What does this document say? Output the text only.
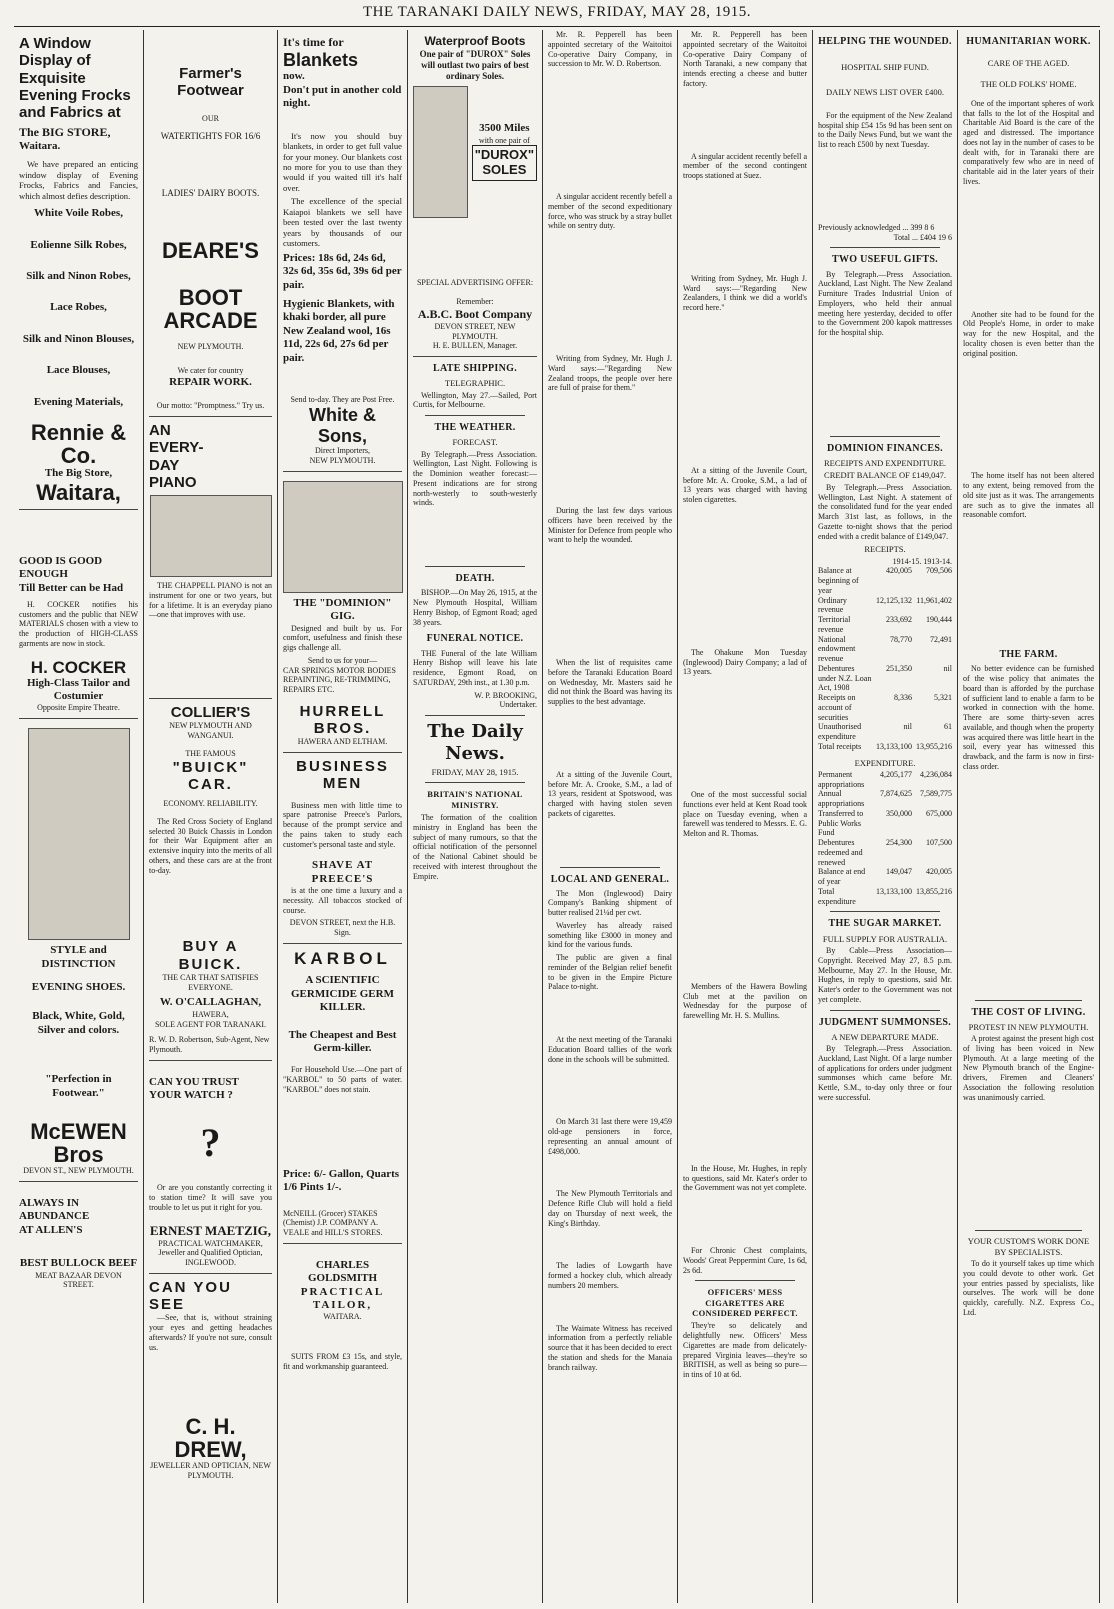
THE TARANAKI DAILY NEWS, FRIDAY, MAY 28, 1915.
A Window Display of Exquisite Evening Frocks and Fabrics at
The BIG STORE,
Waitara.

We have prepared an enticing window display of Evening Frocks, Fabrics and Fancies, which almost defies description.

White Voile Robes,
Eolienne Silk Robes,
Silk and Ninon Robes,
Lace Robes,
Silk and Ninon Blouses,
Lace Blouses,
Evening Materials,
Rennie & Co.
The Big Store,
Waitara,
GOOD IS GOOD ENOUGH
Till Better can be Had

H. COCKER notifies his customers and the public that NEW MATERIALS chosen with a view to the production of HIGH-CLASS garments are now in stock.

H. COCKER
High-Class Tailor and Costumier
Opposite Empire Theatre.
STYLE and DISTINCTION
EVENING SHOES.
Black, White, Gold, Silver and colors.
"Perfection in Footwear."
McEWEN Bros
DEVON ST., NEW PLYMOUTH.
ALWAYS IN ABUNDANCE AT ALLEN'S
BEST BULLOCK BEEF
MEAT BAZAAR DEVON STREET.
Farmer's Footwear
OUR
WATERTIGHTS FOR 16/6
LADIES' DAIRY BOOTS.
DEARE'S
BOOT ARCADE
NEW PLYMOUTH.
We cater for country
REPAIR WORK.
Our motto: "Promptness." Try us.
AN EVERY-DAY PIANO

THE CHAPPELL PIANO is not an instrument for one or two years, but for a lifetime. It is an everyday piano—one that improves with use.

COLLIER'S
NEW PLYMOUTH AND WANGANUI.
THE FAMOUS
"BUICK" CAR.
ECONOMY. RELIABILITY.

The Red Cross Society of England selected 30 Buick Chassis in London for their War Equipment after an extensive inquiry into the merits of all others, and these cars are at the front to-day.

BUY A BUICK.
THE CAR THAT SATISFIES EVERYONE.
W. O'CALLAGHAN,
HAWERA,
SOLE AGENT FOR TARANAKI.
R. W. D. Robertson, Sub-Agent, New Plymouth.
CAN YOU TRUST YOUR WATCH ?
?

Or are you constantly correcting it to station time? It will save you trouble to let us put it right for you.

ERNEST MAETZIG,
PRACTICAL WATCHMAKER, Jeweller and Qualified Optician,
INGLEWOOD.
CAN YOU SEE

—See, that is, without straining your eyes and getting headaches afterwards? If you're not sure, consult us.

C. H. DREW,
JEWELLER AND OPTICIAN, NEW PLYMOUTH.
It's time for
Blankets
now.
Don't put in another cold night.

It's now you should buy blankets, in order to get full value for your money. Our blankets cost no more for you to use than they would if you waited till it's half over.

The excellence of the special Kaiapoi blankets we sell have been tested over the last twenty years by thousands of our customers.

Prices: 18s 6d, 24s 6d, 32s 6d, 35s 6d, 39s 6d per pair.
Hygienic Blankets, with khaki border, all pure New Zealand wool, 16s 11d, 22s 6d, 27s 6d per pair.
Send to-day. They are Post Free.
White & Sons,
Direct Importers,
NEW PLYMOUTH.
THE "DOMINION" GIG.

Designed and built by us. For comfort, usefulness and finish these gigs challenge all.

Send to us for your—
CAR SPRINGS MOTOR BODIES REPAINTING, RE-TRIMMING, REPAIRS ETC.
HURRELL BROS.
HAWERA AND ELTHAM.
BUSINESS MEN

Business men with little time to spare patronise Preece's Parlors, because of the prompt service and the pains taken to study each customer's personal taste and style.

SHAVE AT PREECE'S

is at the one time a luxury and a necessity. All tobaccos stocked of course.

DEVON STREET, next the H.B. Sign.
KARBOL
A SCIENTIFIC GERMICIDE GERM KILLER.
The Cheapest and Best Germ-killer.

For Household Use.—One part of "KARBOL" to 50 parts of water. "KARBOL" does not stain.

Price: 6/- Gallon, Quarts 1/6 Pints 1/-.
McNEILL (Grocer) STAKES (Chemist) J.P. COMPANY A. VEALE and HILL'S STORES.
CHARLES GOLDSMITH
PRACTICAL TAILOR,
WAITARA.

SUITS FROM £3 15s, and style, fit and workmanship guaranteed.

Waterproof Boots
One pair of "DUROX" Soles will outlast two pairs of best ordinary Soles.
3500 Miles
with one pair of
"DUROX" SOLES
SPECIAL ADVERTISING OFFER:
Remember:
A.B.C. Boot Company
DEVON STREET, NEW PLYMOUTH.
H. E. BULLEN, Manager.
LATE SHIPPING.
TELEGRAPHIC.

Wellington, May 27.—Sailed, Port Curtis, for Melbourne.

THE WEATHER.
FORECAST.

By Telegraph.—Press Association. Wellington, Last Night. Following is the Dominion weather forecast:— Present indications are for strong north-westerly to south-westerly winds.

DEATH.

BISHOP.—On May 26, 1915, at the New Plymouth Hospital, William Henry Bishop, of Egmont Road; aged 38 years.

FUNERAL NOTICE.

THE Funeral of the late William Henry Bishop will leave his late residence, Egmont Road, on SATURDAY, 29th inst., at 1.30 p.m.

W. P. BROOKING,
Undertaker.
The Daily News.
FRIDAY, MAY 28, 1915.
BRITAIN'S NATIONAL MINISTRY.

The formation of the coalition ministry in England has been the subject of many rumours, so that the official notification of the personnel of the National Cabinet should be received with interest throughout the Empire.

Mr. R. Pepperell has been appointed secretary of the Waitoitoi Co-operative Dairy Company, in succession to Mr. W. D. Robertson.

A singular accident recently befell a member of the second expeditionary force, who was struck by a stray bullet while on sentry duty.

Writing from Sydney, Mr. Hugh J. Ward says:—"Regarding New Zealand troops, the people over here are full of praise for them."

During the last few days various officers have been received by the Minister for Defence from people who want to help the wounded.

When the list of requisites came before the Taranaki Education Board on Wednesday, Mr. Masters said he did not think the Board was having its supplies to the best advantage.

At a sitting of the Juvenile Court, before Mr. A. Crooke, S.M., a lad of 13 years, resident at Spotswood, was charged with having stolen seven packets of cigarettes.

LOCAL AND GENERAL.

The Mon (Inglewood) Dairy Company's Banking shipment of butter realised 21¼d per cwt.

Waverley has already raised something like £3000 in money and kind for the various funds.

The public are given a final reminder of the Belgian relief benefit to be given in the Empire Picture Palace to-night.

At the next meeting of the Taranaki Education Board tallies of the work done in the schools will be submitted.

On March 31 last there were 19,459 old-age pensioners in force, representing an annual amount of £498,000.

The New Plymouth Territorials and Defence Rifle Club will hold a field day on Thursday of next week, the King's Birthday.

The ladies of Lowgarth have formed a hockey club, which already numbers 20 members.

The Waimate Witness has received information from a perfectly reliable source that it has been decided to erect the station and sheds for the Manaia branch railway.

Mr. R. Pepperell has been appointed secretary of the Waitoitoi Co-operative Dairy Company of North Taranaki, a new company that intends erecting a cheese and butter factory.

A singular accident recently befell a member of the second contingent troops stationed at Suez.

Writing from Sydney, Mr. Hugh J. Ward says:—"Regarding New Zealanders, I think we did a world's record here."

At a sitting of the Juvenile Court, before Mr. A. Crooke, S.M., a lad of 13 years was charged with having stolen cigarettes.

The Ohakune Mon Tuesday (Inglewood) Dairy Company; a lad of 13 years.

One of the most successful social functions ever held at Kent Road took place on Tuesday evening, when a farewell was tendered to Messrs. E. G. Melton and R. Thomas.

Members of the Hawera Bowling Club met at the pavilion on Wednesday for the purpose of farewelling Mr. H. S. Mullins.

In the House, Mr. Hughes, in reply to questions, said Mr. Kater's order to the Government was not yet complete.

For Chronic Chest complaints, Woods' Great Peppermint Cure, 1s 6d, 2s 6d.

OFFICERS' MESS CIGARETTES ARE CONSIDERED PERFECT.

They're so delicately and delightfully new. Officers' Mess Cigarettes are made from delicately-prepared Virginia leaves—they're so BRITISH, as well as being so pure—in tins of 10 at 6d.

HELPING THE WOUNDED.
HOSPITAL SHIP FUND.
DAILY NEWS LIST OVER £400.

For the equipment of the New Zealand hospital ship £54 15s 9d has been sent on to the Daily News Fund, but we want the list to reach £500 by next Tuesday.

Previously acknowledged ... 399 8 6
Total ... £404 19 6
TWO USEFUL GIFTS.

By Telegraph.—Press Association. Auckland, Last Night. The New Zealand Furniture Trades Industrial Union of Employers, who held their annual meeting here yesterday, decided to offer to the Government 200 kapok mattresses for the hospital ship.

DOMINION FINANCES.
RECEIPTS AND EXPENDITURE.
CREDIT BALANCE OF £149,047.

By Telegraph.—Press Association. Wellington, Last Night. A statement of the consolidated fund for the year ended March 31st last, as follows, in the Gazette to-night shows that the period ended with a credit balance of £149,047.

RECEIPTS.
1914-15. 1913-14.
Balance at beginning of year
420,005	709,506
Ordinary revenue
12,125,132 11,961,402
Territorial revenue
233,692	190,444
National endowment revenue
78,770	72,491
Debentures under N.Z. Loan Act, 1908
251,350	nil
Receipts on account of securities
8,336	5,321
Unauthorised expenditure
nil	61
Total receipts	13,133,100 13,955,216
EXPENDITURE.
Permanent appropriations
4,205,177	4,236,084
Annual appropriations
7,874,625	7,589,775
Transferred to Public Works Fund
350,000	675,000
Debentures redeemed and renewed
254,300	107,500
Balance at end of year
149,047	420,005
Total expenditure
13,133,100 13,855,216
THE SUGAR MARKET.
FULL SUPPLY FOR AUSTRALIA.

By Cable—Press Association—Copyright. Received May 27, 8.5 p.m. Melbourne, May 27. In the House, Mr. Hughes, in reply to questions, said Mr. Kater's order to the Government was not yet complete.

JUDGMENT SUMMONSES.
A NEW DEPARTURE MADE.

By Telegraph.—Press Association. Auckland, Last Night. Of a large number of applications for orders under judgment summonses which came before Mr. Kettle, S.M., to-day only three or four were successful.

HUMANITARIAN WORK.
CARE OF THE AGED.
THE OLD FOLKS' HOME.

One of the important spheres of work that falls to the lot of the Hospital and Charitable Aid Board is the care of the aged and distressed. The importance does not lay in the number of cases to be dealt with, for in Taranaki there are comparatively few who are in need of charitable aid in the later years of their lives.

Another site had to be found for the Old People's Home, in order to make way for the new Hospital, and the locality chosen is even better than the original position.

The home itself has not been altered to any extent, being removed from the old site just as it was. The arrangements are such as to give the inmates all reasonable comfort.

THE FARM.

No better evidence can be furnished of the wise policy that animates the board than is afforded by the purchase of sufficient land to enable a farm to be worked in connection with the home. There are some thirty-seven acres available, and though when the property was acquired there was little heart in the soil, every year has witnessed this drawback, and the farm is now in first-class order.

THE COST OF LIVING.
PROTEST IN NEW PLYMOUTH.

A protest against the present high cost of living has been voiced in New Plymouth. At a large meeting of the New Plymouth branch of the Engine-drivers, Firemen and Cleaners' Association the following resolution was unanimously carried.

YOUR CUSTOM'S WORK DONE BY SPECIALISTS.

To do it yourself takes up time which you could devote to other work. Get your entries passed by specialists, like ourselves. The work will be done quickly, carefully. N.Z. Express Co., Ltd.
